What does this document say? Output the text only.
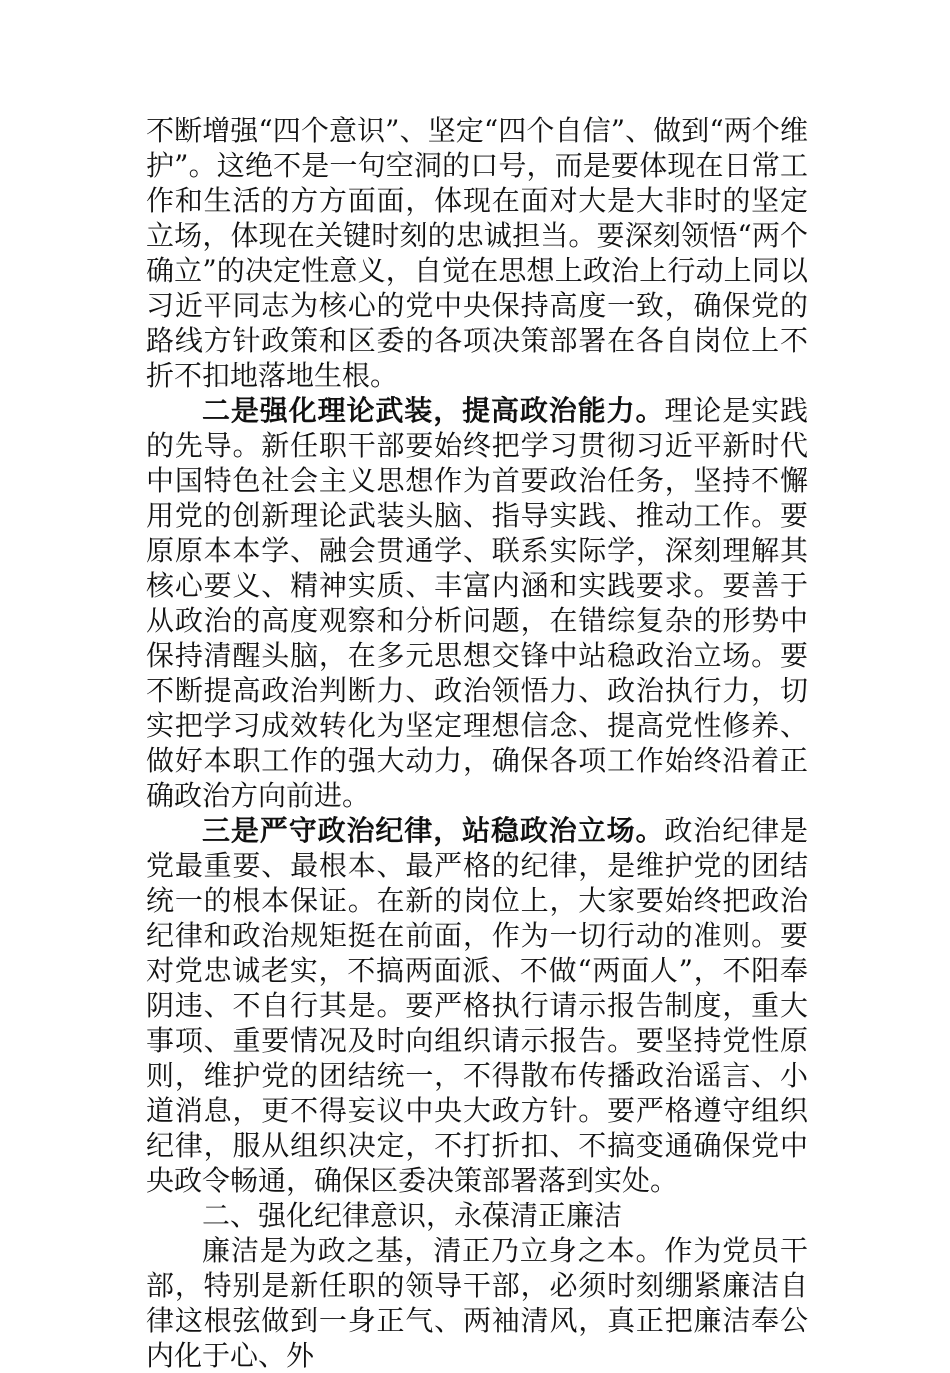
不断增强“四个意识”、坚定“四个自信”、做到“两个维护”。这绝不是一句空洞的口号，而是要体现在日常工作和生活的方方面面，体现在面对大是大非时的坚定立场，体现在关键时刻的忠诚担当。要深刻领悟“两个确立”的决定性意义，自觉在思想上政治上行动上同以习近平同志为核心的党中央保持高度一致，确保党的路线方针政策和区委的各项决策部署在各自岗位上不折不扣地落地生根。

二是强化理论武装，提高政治能力。理论是实践的先导。新任职干部要始终把学习贯彻习近平新时代中国特色社会主义思想作为首要政治任务，坚持不懈用党的创新理论武装头脑、指导实践、推动工作。要原原本本学、融会贯通学、联系实际学，深刻理解其核心要义、精神实质、丰富内涵和实践要求。要善于从政治的高度观察和分析问题，在错综复杂的形势中保持清醒头脑，在多元思想交锋中站稳政治立场。要不断提高政治判断力、政治领悟力、政治执行力，切实把学习成效转化为坚定理想信念、提高党性修养、做好本职工作的强大动力，确保各项工作始终沿着正确政治方向前进。

三是严守政治纪律，站稳政治立场。政治纪律是党最重要、最根本、最严格的纪律，是维护党的团结统一的根本保证。在新的岗位上，大家要始终把政治纪律和政治规矩挺在前面，作为一切行动的准则。要对党忠诚老实，不搞两面派、不做“两面人”，不阳奉阴违、不自行其是。要严格执行请示报告制度，重大事项、重要情况及时向组织请示报告。要坚持党性原则，维护党的团结统一，不得散布传播政治谣言、小道消息，更不得妄议中央大政方针。要严格遵守组织纪律，服从组织决定，不打折扣、不搞变通确保党中央政令畅通，确保区委决策部署落到实处。

二、强化纪律意识，永葆清正廉洁

廉洁是为政之基，清正乃立身之本。作为党员干部，特别是新任职的领导干部，必须时刻绷紧廉洁自律这根弦做到一身正气、两袖清风，真正把廉洁奉公内化于心、外
